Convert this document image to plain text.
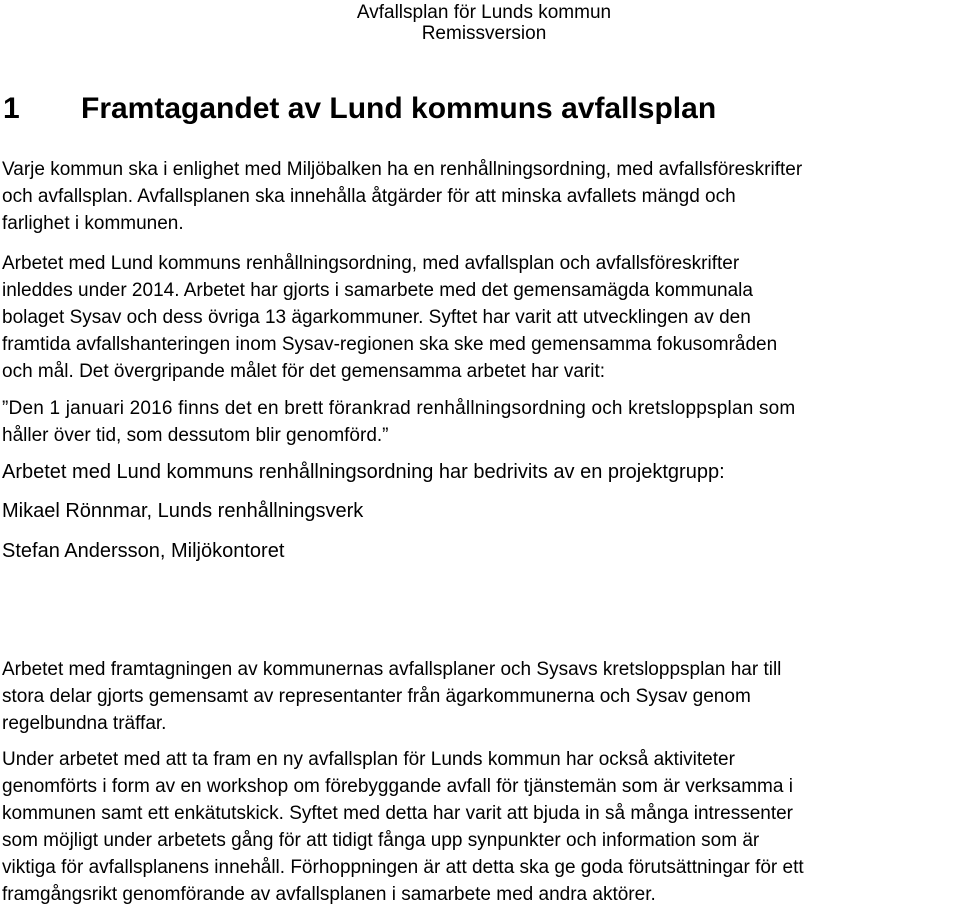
Avfallsplan för Lunds kommun
Remissversion
1 Framtagandet av Lund kommuns avfallsplan
Varje kommun ska i enlighet med Miljöbalken ha en renhållningsordning, med avfallsföreskrifter
och avfallsplan. Avfallsplanen ska innehålla åtgärder för att minska avfallets mängd och
farlighet i kommunen.
Arbetet med Lund kommuns renhållningsordning, med avfallsplan och avfallsföreskrifter
inleddes under 2014. Arbetet har gjorts i samarbete med det gemensamägda kommunala
bolaget Sysav och dess övriga 13 ägarkommuner. Syftet har varit att utvecklingen av den
framtida avfallshanteringen inom Sysav-regionen ska ske med gemensamma fokusområden
och mål. Det övergripande målet för det gemensamma arbetet har varit:
”Den 1 januari 2016 finns det en brett förankrad renhållningsordning och kretsloppsplan som
håller över tid, som dessutom blir genomförd.”
Arbetet med Lund kommuns renhållningsordning har bedrivits av en projektgrupp:
Mikael Rönnmar, Lunds renhållningsverk
Stefan Andersson, Miljökontoret
Arbetet med framtagningen av kommunernas avfallsplaner och Sysavs kretsloppsplan har till
stora delar gjorts gemensamt av representanter från ägarkommunerna och Sysav genom
regelbundna träffar.
Under arbetet med att ta fram en ny avfallsplan för Lunds kommun har också aktiviteter
genomförts i form av en workshop om förebyggande avfall för tjänstemän som är verksamma i
kommunen samt ett enkätutskick. Syftet med detta har varit att bjuda in så många intressenter
som möjligt under arbetets gång för att tidigt fånga upp synpunkter och information som är
viktiga för avfallsplanens innehåll. Förhoppningen är att detta ska ge goda förutsättningar för ett
framgångsrikt genomförande av avfallsplanen i samarbete med andra aktörer.
